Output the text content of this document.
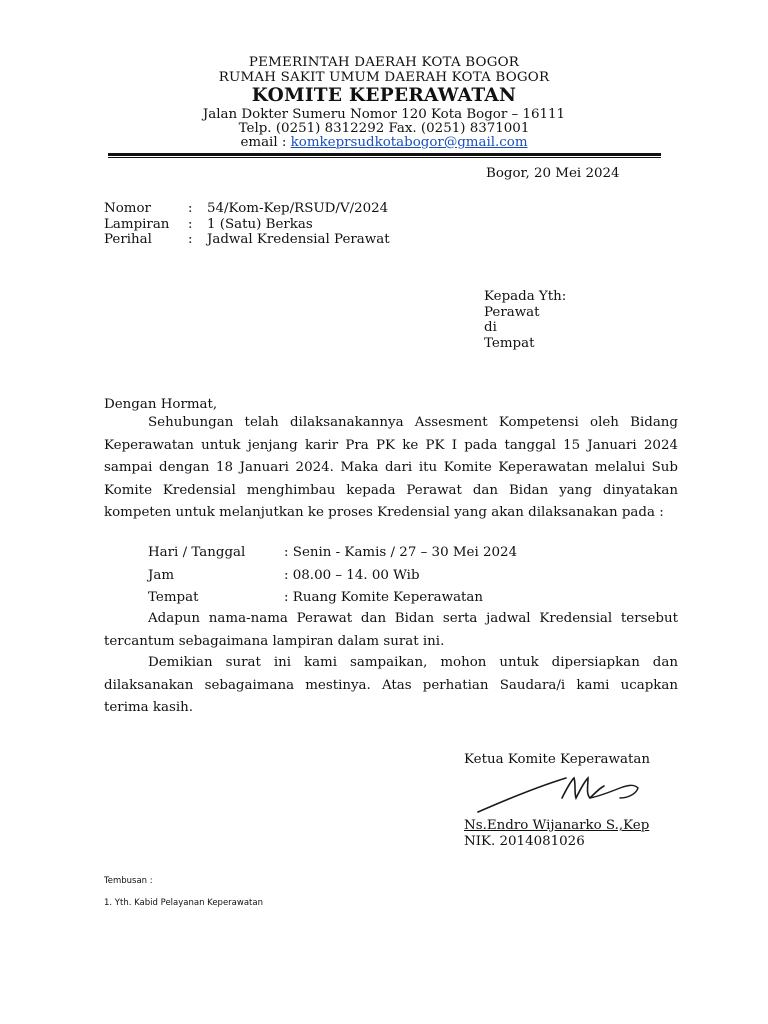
PEMERINTAH DAERAH KOTA BOGOR
RUMAH SAKIT UMUM DAERAH KOTA BOGOR
KOMITE KEPERAWATAN
Jalan Dokter Sumeru Nomor 120 Kota Bogor – 16111
Telp. (0251) 8312292 Fax. (0251) 8371001
email : komkeprsudkotabogor@gmail.com
Bogor, 20 Mei 2024
Nomor	: 54/Kom-Kep/RSUD/V/2024
Lampiran : 1 (Satu) Berkas
Perihal	: Jadwal Kredensial Perawat
Kepada Yth:
Perawat
di
Tempat
Dengan Hormat,
Sehubungan telah dilaksanakannya Assesment Kompetensi oleh Bidang Keperawatan untuk jenjang karir Pra PK ke PK I pada tanggal 15 Januari 2024 sampai dengan 18 Januari 2024. Maka dari itu Komite Keperawatan melalui Sub Komite Kredensial menghimbau kepada Perawat dan Bidan yang dinyatakan kompeten untuk melanjutkan ke proses Kredensial yang akan dilaksanakan pada :
Hari / Tanggal	: Senin - Kamis / 27 – 30 Mei 2024
Jam	: 08.00 – 14. 00 Wib
Tempat	: Ruang Komite Keperawatan
Adapun nama-nama Perawat dan Bidan serta jadwal Kredensial tersebut tercantum sebagaimana lampiran dalam surat ini.
Demikian surat ini kami sampaikan, mohon untuk dipersiapkan dan dilaksanakan sebagaimana mestinya. Atas perhatian Saudara/i kami ucapkan terima kasih.
Ketua Komite Keperawatan
Ns.Endro Wijanarko S.,Kep
NIK. 2014081026
Tembusan :
1. Yth. Kabid Pelayanan Keperawatan
